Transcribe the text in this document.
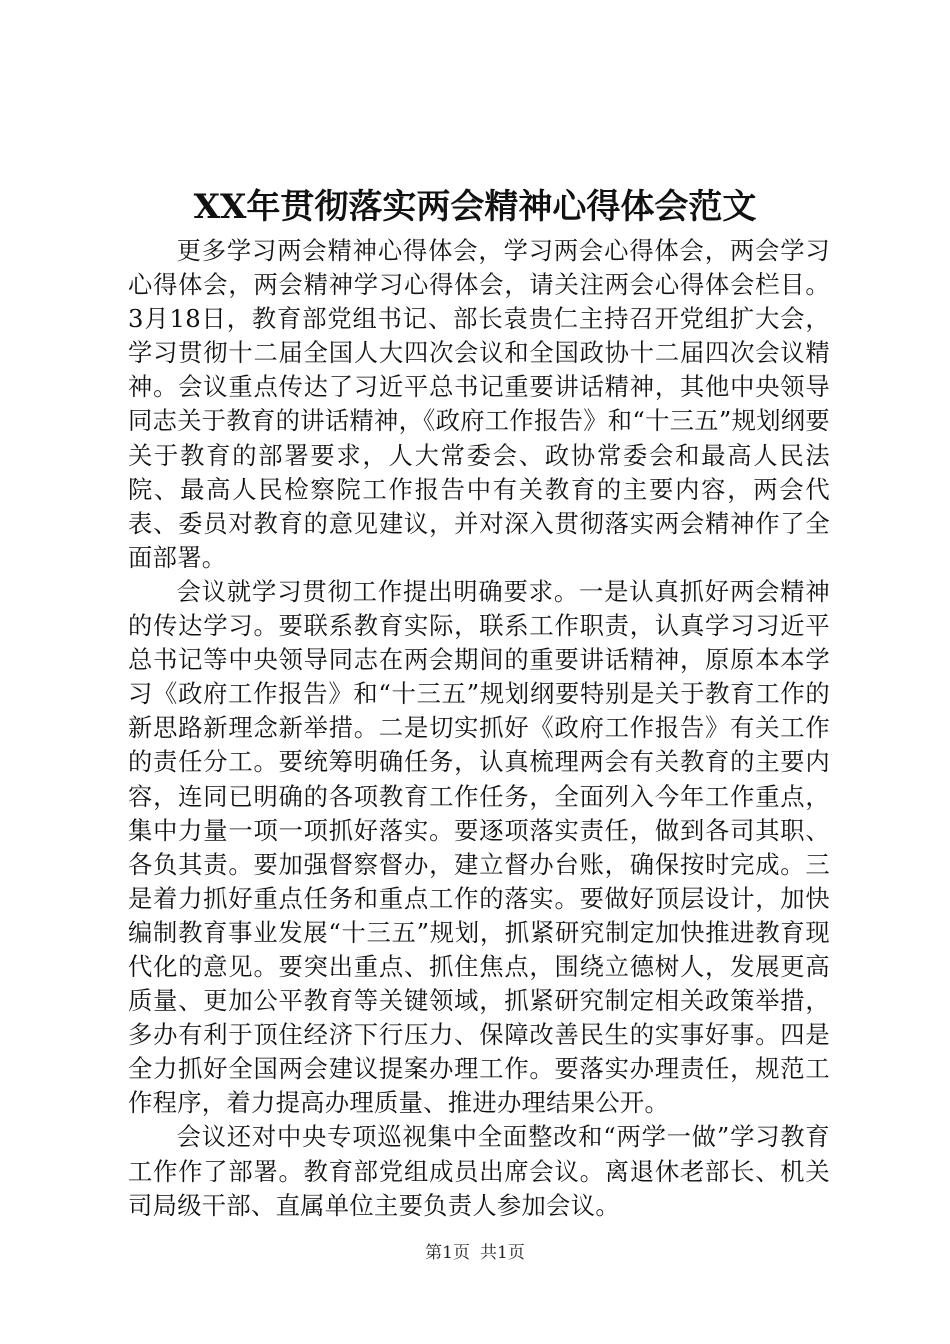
XX年贯彻落实两会精神心得体会范文

更多学习两会精神心得体会，学习两会心得体会，两会学习心得体会，两会精神学习心得体会，请关注两会心得体会栏目。3月18日，教育部党组书记、部长袁贵仁主持召开党组扩大会，学习贯彻十二届全国人大四次会议和全国政协十二届四次会议精神。会议重点传达了习近平总书记重要讲话精神，其他中央领导同志关于教育的讲话精神，《政府工作报告》和“十三五”规划纲要关于教育的部署要求，人大常委会、政协常委会和最高人民法院、最高人民检察院工作报告中有关教育的主要内容，两会代表、委员对教育的意见建议，并对深入贯彻落实两会精神作了全面部署。

会议就学习贯彻工作提出明确要求。一是认真抓好两会精神的传达学习。要联系教育实际，联系工作职责，认真学习习近平总书记等中央领导同志在两会期间的重要讲话精神，原原本本学习《政府工作报告》和“十三五”规划纲要特别是关于教育工作的新思路新理念新举措。二是切实抓好《政府工作报告》有关工作的责任分工。要统筹明确任务，认真梳理两会有关教育的主要内容，连同已明确的各项教育工作任务，全面列入今年工作重点，集中力量一项一项抓好落实。要逐项落实责任，做到各司其职、各负其责。要加强督察督办，建立督办台账，确保按时完成。三是着力抓好重点任务和重点工作的落实。要做好顶层设计，加快编制教育事业发展“十三五”规划，抓紧研究制定加快推进教育现代化的意见。要突出重点、抓住焦点，围绕立德树人，发展更高质量、更加公平教育等关键领域，抓紧研究制定相关政策举措，多办有利于顶住经济下行压力、保障改善民生的实事好事。四是全力抓好全国两会建议提案办理工作。要落实办理责任，规范工作程序，着力提高办理质量、推进办理结果公开。

会议还对中央专项巡视集中全面整改和“两学一做”学习教育工作作了部署。教育部党组成员出席会议。离退休老部长、机关司局级干部、直属单位主要负责人参加会议。

第1页 共1页
